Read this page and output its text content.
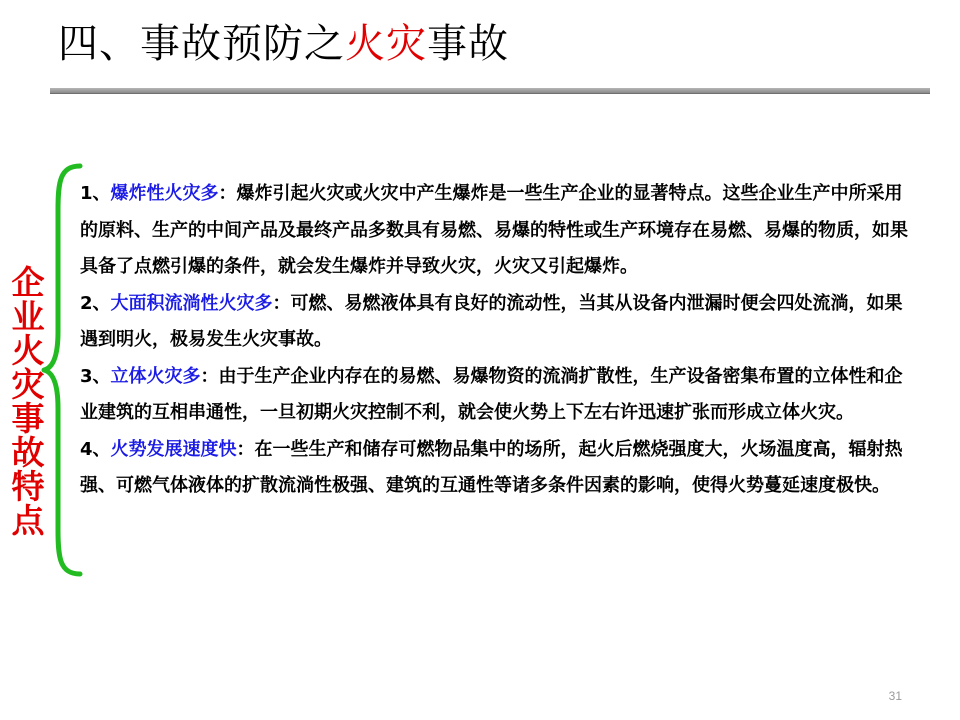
四、事故预防之火灾事故
企业火灾事故特点

1、爆炸性火灾多：爆炸引起火灾或火灾中产生爆炸是一些生产企业的显著特点。这些企业生产中所采用的原料、生产的中间产品及最终产品多数具有易燃、易爆的特性或生产环境存在易燃、易爆的物质，如果具备了点燃引爆的条件，就会发生爆炸并导致火灾，火灾又引起爆炸。

2、大面积流淌性火灾多：可燃、易燃液体具有良好的流动性，当其从设备内泄漏时便会四处流淌，如果遇到明火，极易发生火灾事故。

3、立体火灾多：由于生产企业内存在的易燃、易爆物资的流淌扩散性，生产设备密集布置的立体性和企业建筑的互相串通性，一旦初期火灾控制不利，就会使火势上下左右许迅速扩张而形成立体火灾。

4、火势发展速度快：在一些生产和储存可燃物品集中的场所，起火后燃烧强度大，火场温度高，辐射热强、可燃气体液体的扩散流淌性极强、建筑的互通性等诸多条件因素的影响，使得火势蔓延速度极快。

31
